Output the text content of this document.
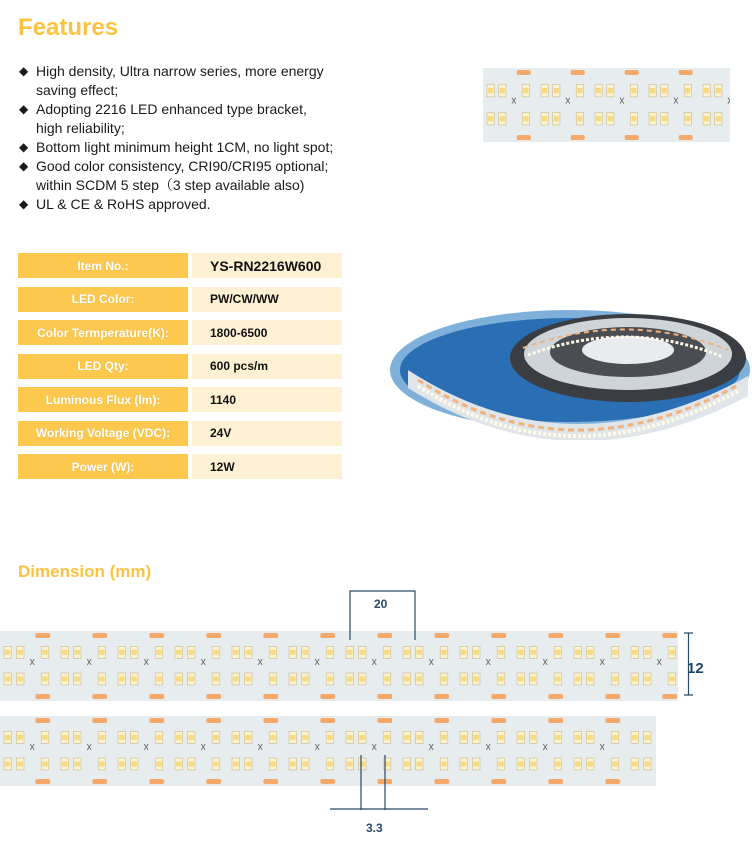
Features
◆ High density, Ultra narrow series, more energy
saving effect;
◆ Adopting 2216 LED enhanced type bracket,
high reliability;
◆ Bottom light minimum height 1CM, no light spot;
◆ Good color consistency, CRI90/CRI95 optional;
within SCDM 5 step（3 step available also)
◆ UL & CE & RoHS approved.
Item No.:	YS-RN2216W600
LED Color:	PW/CW/WW
Color Termperature(K):	1800-6500
LED Qty:	600 pcs/m
Luminous Flux (lm):	1140
Working Voltage (VDC):	24V
Power (W):	12W
Dimension (mm)
20
12
3.3
